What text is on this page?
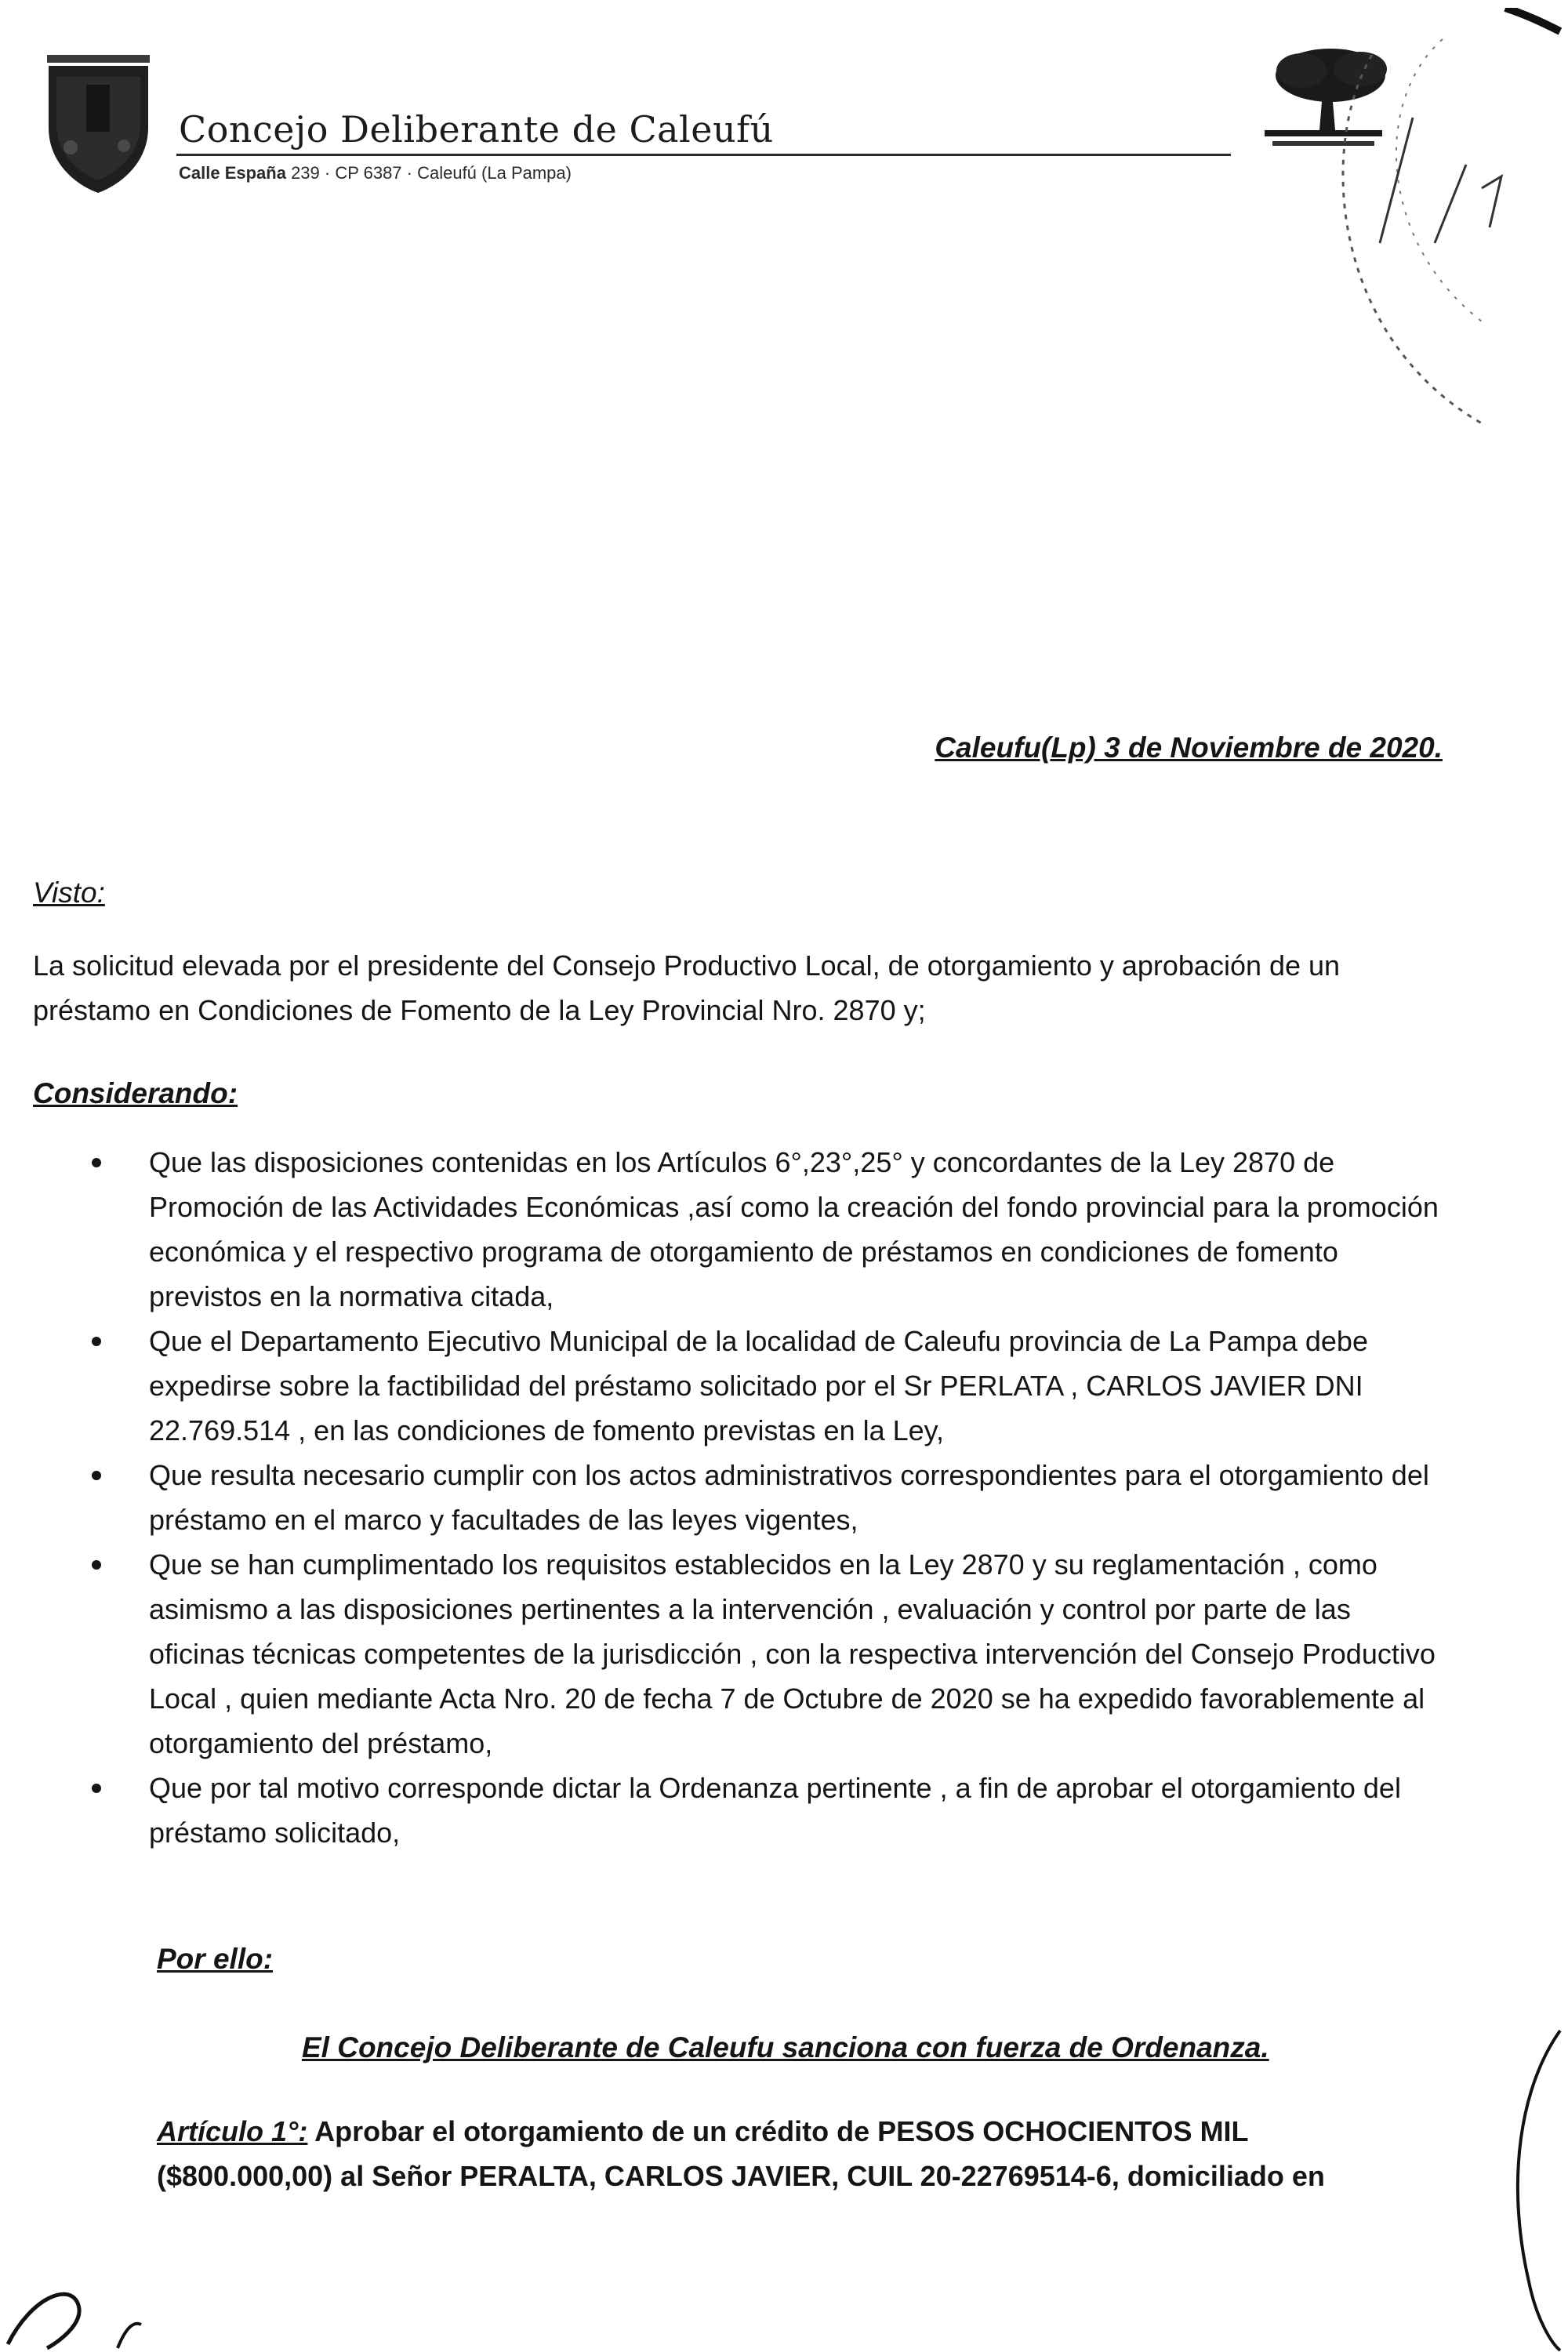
Concejo Deliberante de Caleufú
Calle España 239 · CP 6387 · Caleufú (La Pampa)
Caleufu(Lp) 3 de Noviembre de 2020.
Visto:

La solicitud elevada por el presidente del Consejo Productivo Local, de otorgamiento y aprobación de un préstamo en Condiciones de Fomento de la Ley Provincial Nro. 2870 y;

Considerando:
Que las disposiciones contenidas en los Artículos 6°,23°,25° y concordantes de la Ley 2870 de Promoción de las Actividades Económicas ,así como la creación del fondo provincial para la promoción económica y el respectivo programa de otorgamiento de préstamos en condiciones de fomento previstos en la normativa citada,
Que el Departamento Ejecutivo Municipal de la localidad de Caleufu provincia de La Pampa debe expedirse sobre la factibilidad del préstamo solicitado por el Sr PERLATA , CARLOS JAVIER DNI 22.769.514 , en las condiciones de fomento previstas en la Ley,
Que resulta necesario cumplir con los actos administrativos correspondientes para el otorgamiento del préstamo en el marco y facultades de las leyes vigentes,
Que se han cumplimentado los requisitos establecidos en la Ley 2870 y su reglamentación , como asimismo a las disposiciones pertinentes a la intervención , evaluación y control por parte de las oficinas técnicas competentes de la jurisdicción , con la respectiva intervención del Consejo Productivo Local , quien mediante Acta Nro. 20 de fecha 7 de Octubre de 2020 se ha expedido favorablemente al otorgamiento del préstamo,
Que por tal motivo corresponde dictar la Ordenanza pertinente , a fin de aprobar el otorgamiento del préstamo solicitado,
Por ello:
El Concejo Deliberante de Caleufu sanciona con fuerza de Ordenanza.

Artículo 1°: Aprobar el otorgamiento de un crédito de PESOS OCHOCIENTOS MIL ($800.000,00) al Señor PERALTA, CARLOS JAVIER, CUIL 20-22769514-6, domiciliado en
